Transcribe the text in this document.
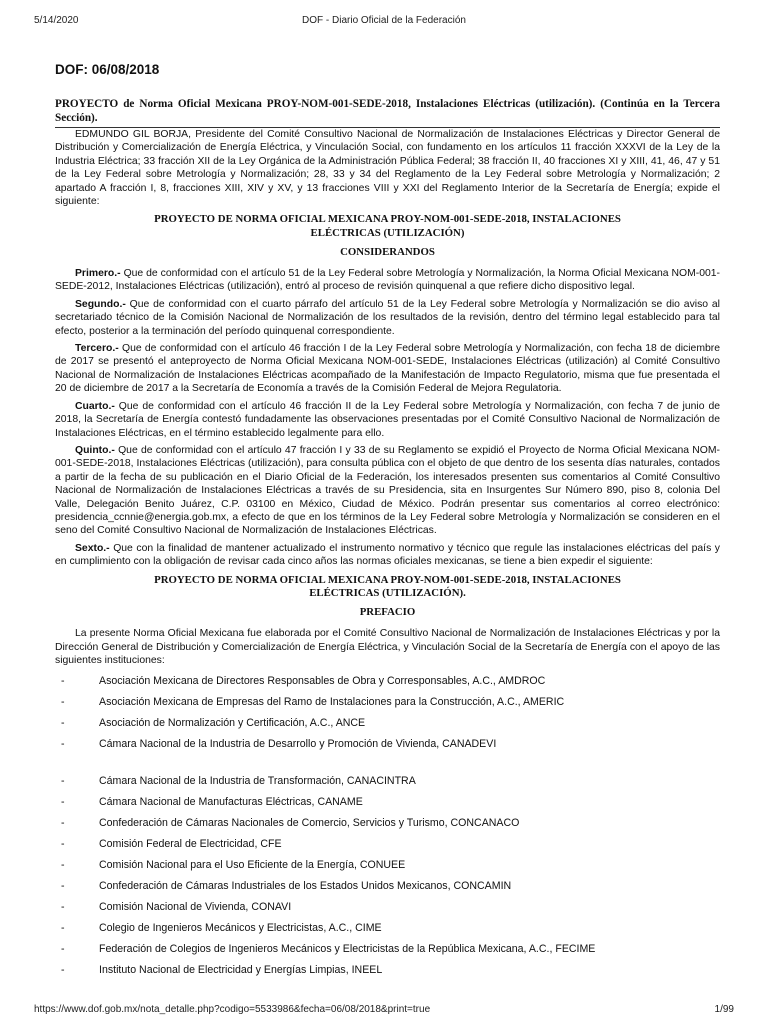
5/14/2020	DOF - Diario Oficial de la Federación
DOF: 06/08/2018

PROYECTO de Norma Oficial Mexicana PROY-NOM-001-SEDE-2018, Instalaciones Eléctricas (utilización). (Continúa en la Tercera Sección).

EDMUNDO GIL BORJA, Presidente del Comité Consultivo Nacional de Normalización de Instalaciones Eléctricas y Director General de Distribución y Comercialización de Energía Eléctrica, y Vinculación Social, con fundamento en los artículos 11 fracción XXXVI de la Ley de la Industria Eléctrica; 33 fracción XII de la Ley Orgánica de la Administración Pública Federal; 38 fracción II, 40 fracciones XI y XIII, 41, 46, 47 y 51 de la Ley Federal sobre Metrología y Normalización; 28, 33 y 34 del Reglamento de la Ley Federal sobre Metrología y Normalización; 2 apartado A fracción I, 8, fracciones XIII, XIV y XV, y 13 fracciones VIII y XXI del Reglamento Interior de la Secretaría de Energía; expide el siguiente:

PROYECTO DE NORMA OFICIAL MEXICANA PROY-NOM-001-SEDE-2018, INSTALACIONES ELÉCTRICAS (UTILIZACIÓN)
CONSIDERANDOS

Primero.- Que de conformidad con el artículo 51 de la Ley Federal sobre Metrología y Normalización, la Norma Oficial Mexicana NOM-001-SEDE-2012, Instalaciones Eléctricas (utilización), entró al proceso de revisión quinquenal a que refiere dicho dispositivo legal.

Segundo.- Que de conformidad con el cuarto párrafo del artículo 51 de la Ley Federal sobre Metrología y Normalización se dio aviso al secretariado técnico de la Comisión Nacional de Normalización de los resultados de la revisión, dentro del término legal establecido para tal efecto, posterior a la terminación del período quinquenal correspondiente.

Tercero.- Que de conformidad con el artículo 46 fracción I de la Ley Federal sobre Metrología y Normalización, con fecha 18 de diciembre de 2017 se presentó el anteproyecto de Norma Oficial Mexicana NOM-001-SEDE, Instalaciones Eléctricas (utilización) al Comité Consultivo Nacional de Normalización de Instalaciones Eléctricas acompañado de la Manifestación de Impacto Regulatorio, misma que fue presentada el 20 de diciembre de 2017 a la Secretaría de Economía a través de la Comisión Federal de Mejora Regulatoria.

Cuarto.- Que de conformidad con el artículo 46 fracción II de la Ley Federal sobre Metrología y Normalización, con fecha 7 de junio de 2018, la Secretaría de Energía contestó fundadamente las observaciones presentadas por el Comité Consultivo Nacional de Normalización de Instalaciones Eléctricas, en el término establecido legalmente para ello.

Quinto.- Que de conformidad con el artículo 47 fracción I y 33 de su Reglamento se expidió el Proyecto de Norma Oficial Mexicana NOM-001-SEDE-2018, Instalaciones Eléctricas (utilización), para consulta pública con el objeto de que dentro de los sesenta días naturales, contados a partir de la fecha de su publicación en el Diario Oficial de la Federación, los interesados presenten sus comentarios al Comité Consultivo Nacional de Normalización de Instalaciones Eléctricas a través de su Presidencia, sita en Insurgentes Sur Número 890, piso 8, colonia Del Valle, Delegación Benito Juárez, C.P. 03100 en México, Ciudad de México. Podrán presentar sus comentarios al correo electrónico: presidencia_ccnnie@energia.gob.mx, a efecto de que en los términos de la Ley Federal sobre Metrología y Normalización se consideren en el seno del Comité Consultivo Nacional de Normalización de Instalaciones Eléctricas.

Sexto.- Que con la finalidad de mantener actualizado el instrumento normativo y técnico que regule las instalaciones eléctricas del país y en cumplimiento con la obligación de revisar cada cinco años las normas oficiales mexicanas, se tiene a bien expedir el siguiente:

PROYECTO DE NORMA OFICIAL MEXICANA PROY-NOM-001-SEDE-2018, INSTALACIONES ELÉCTRICAS (UTILIZACIÓN).
PREFACIO

La presente Norma Oficial Mexicana fue elaborada por el Comité Consultivo Nacional de Normalización de Instalaciones Eléctricas y por la Dirección General de Distribución y Comercialización de Energía Eléctrica, y Vinculación Social de la Secretaría de Energía con el apoyo de las siguientes instituciones:

-	Asociación Mexicana de Directores Responsables de Obra y Corresponsables, A.C., AMDROC
-	Asociación Mexicana de Empresas del Ramo de Instalaciones para la Construcción, A.C., AMERIC
-	Asociación de Normalización y Certificación, A.C., ANCE
-	Cámara Nacional de la Industria de Desarrollo y Promoción de Vivienda, CANADEVI
-	Cámara Nacional de la Industria de Transformación, CANACINTRA
-	Cámara Nacional de Manufacturas Eléctricas, CANAME
-	Confederación de Cámaras Nacionales de Comercio, Servicios y Turismo, CONCANACO
-	Comisión Federal de Electricidad, CFE
-	Comisión Nacional para el Uso Eficiente de la Energía, CONUEE
-	Confederación de Cámaras Industriales de los Estados Unidos Mexicanos, CONCAMIN
-	Comisión Nacional de Vivienda, CONAVI
-	Colegio de Ingenieros Mecánicos y Electricistas, A.C., CIME
-	Federación de Colegios de Ingenieros Mecánicos y Electricistas de la República Mexicana, A.C., FECIME
-	Instituto Nacional de Electricidad y Energías Limpias, INEEL
https://www.dof.gob.mx/nota_detalle.php?codigo=5533986&fecha=06/08/2018&print=true	1/99
